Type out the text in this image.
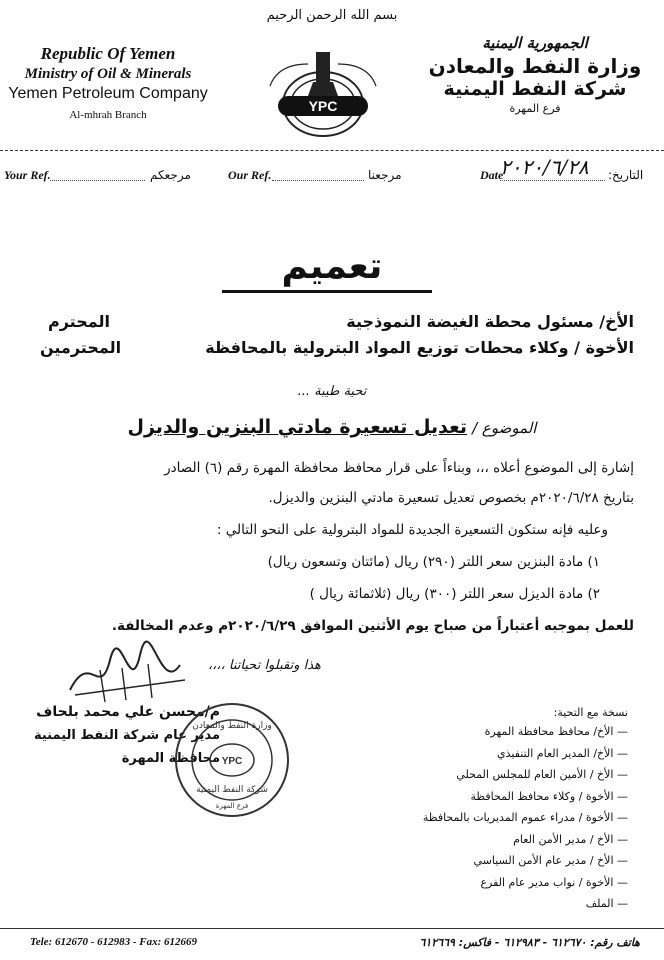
بسم الله الرحمن الرحيم
Republic Of Yemen
Ministry of Oil & Minerals
Yemen Petroleum Company
Al-mhrah Branch
YPC
الجمهورية اليمنية
وزارة النفط والمعادن
شركة النفط اليمنية
فرع المهرة
Your Ref.	مرجعكم	Our Ref.	مرجعنا	Date
٢٠٢٠/٦/٢٨ التاريخ:
تعميم
الأخ/ مسئول محطة الغيضة النموذجية
المحترم
الأخوة / وكلاء محطات توزيع المواد البترولية بالمحافظة
المحترمين
تحية طيبة ...
الموضوع / تعديل تسعيرة مادتي البنزين والديزل
إشارة إلى الموضوع أعلاه ،،، وبناءاً على قرار محافظ محافظة المهرة رقم (٦) الصادر
بتاريخ ٢٠٢٠/٦/٢٨م بخصوص تعديل تسعيرة مادتي البنزين والديزل.
وعليه فإنه ستكون التسعيرة الجديدة للمواد البترولية على النحو التالي :
١) مادة البنزين سعر اللتر (٢٩٠) ريال (مائتان وتسعون ريال)
٢) مادة الديزل سعر اللتر (٣٠٠) ريال (ثلاثمائة ريال )
للعمل بموجبه أعتباراً من صباح يوم الأثنين الموافق ٢٠٢٠/٦/٢٩م وعدم المخالفة.
هذا وتقبلوا تحياتنا ،،،،
م/محسن علي محمد بلحاف
مدير عام شركة النفط اليمنية
محافظة المهرة YPC
وزارة النفط والمعادن
شركة النفط اليمنية
فرع المهرة
نسخة مع التحية:
— الأخ/ محافظ محافظة المهرة
— الأخ/ المدير العام التنفيذي
— الأخ / الأمين العام للمجلس المحلي
— الأخوة / وكلاء محافظ المحافظة
— الأخوة / مدراء عموم المديريات بالمحافظة
— الأخ / مدير الأمن العام
— الأخ / مدير عام الأمن السياسي
— الأخوة / نواب مدير عام الفرع
— الملف
Tele: 612670 - 612983 - Fax: 612669	هاتف رقم: ٦١٢٦٧٠ - ٦١٢٩٨٣ - فاكس: ٦١٢٦٦٩
